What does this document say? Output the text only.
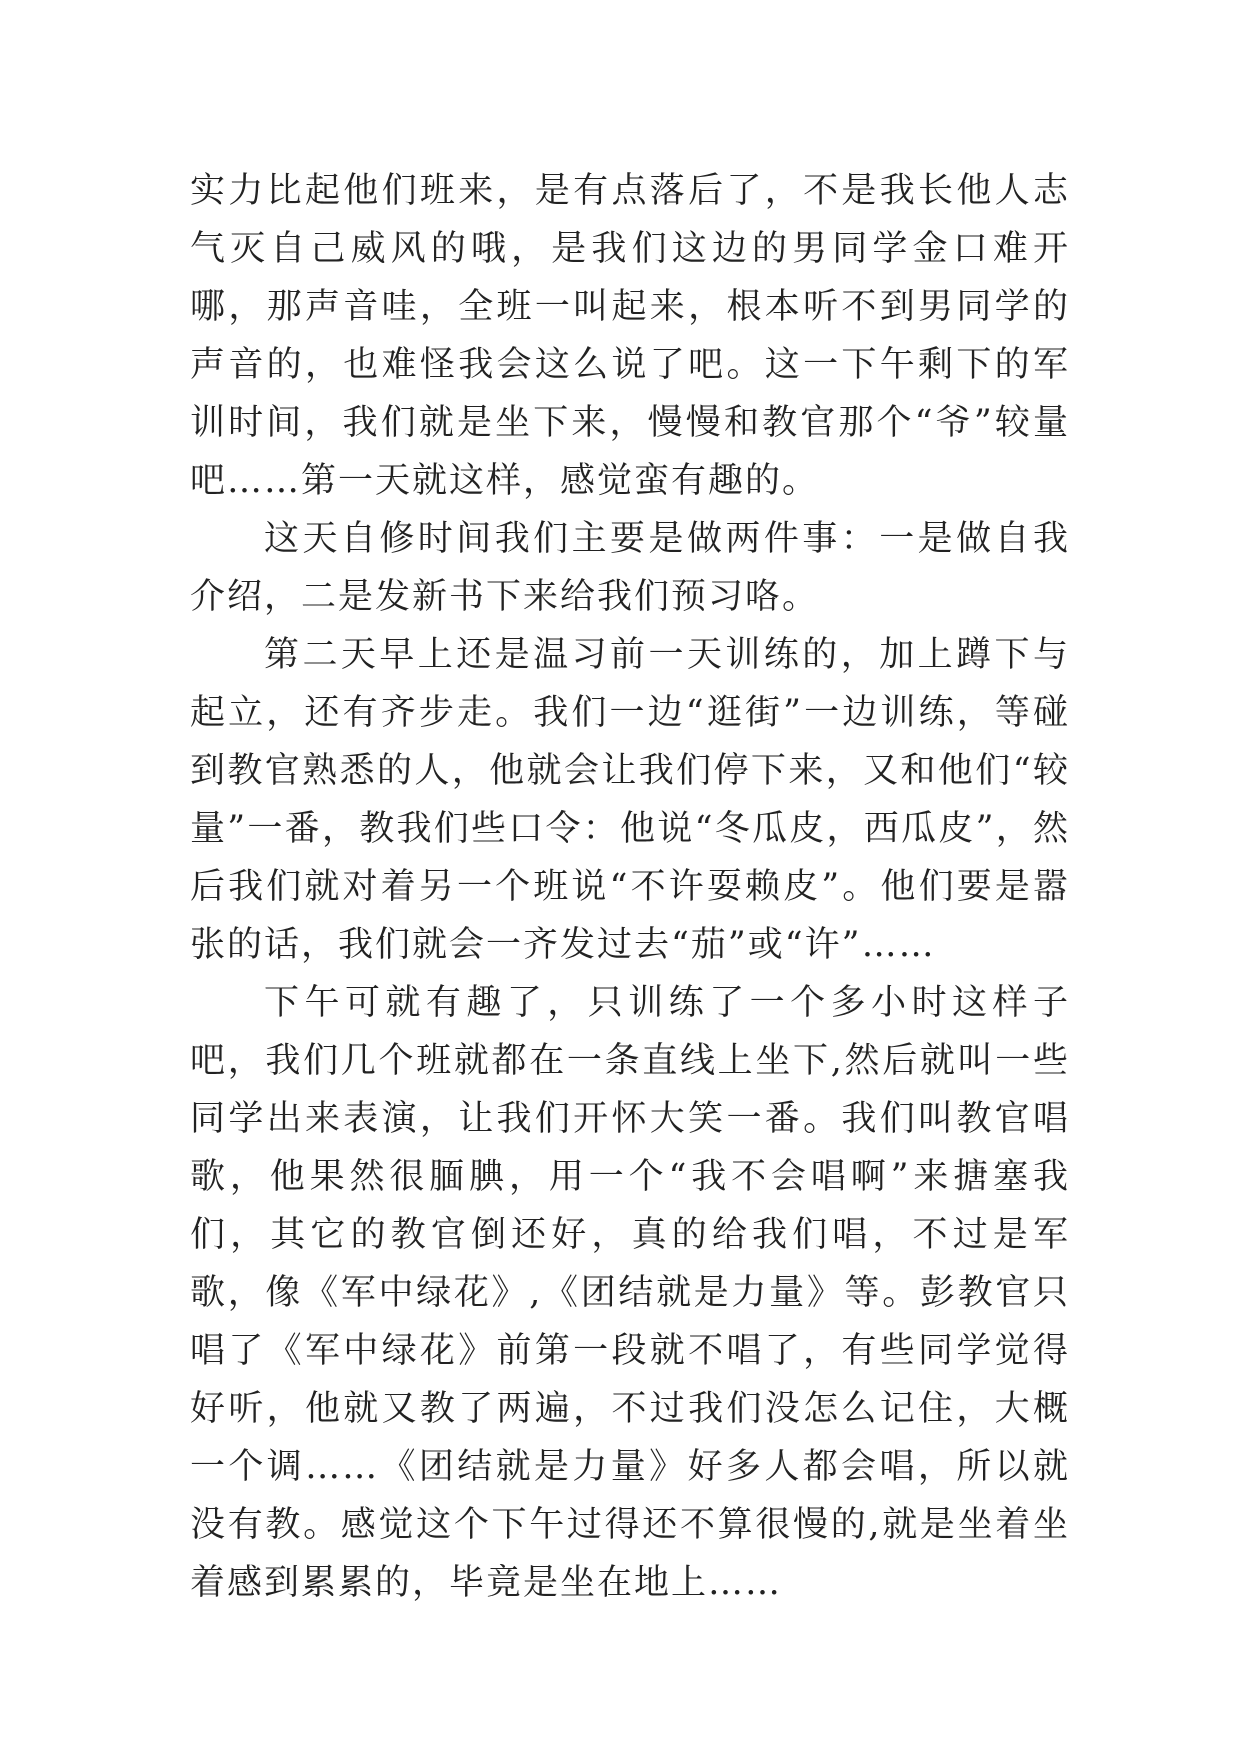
实力比起他们班来，是有点落后了，不是我长他人志气灭自己威风的哦，是我们这边的男同学金口难开哪，那声音哇，全班一叫起来，根本听不到男同学的声音的，也难怪我会这么说了吧。这一下午剩下的军训时间，我们就是坐下来，慢慢和教官那个“爷”较量吧……第一天就这样，感觉蛮有趣的。

这天自修时间我们主要是做两件事：一是做自我介绍，二是发新书下来给我们预习咯。

第二天早上还是温习前一天训练的，加上蹲下与起立，还有齐步走。我们一边“逛街”一边训练，等碰到教官熟悉的人，他就会让我们停下来，又和他们“较量”一番，教我们些口令：他说“冬瓜皮，西瓜皮”，然后我们就对着另一个班说“不许耍赖皮”。他们要是嚣张的话，我们就会一齐发过去“茄”或“许”……

下午可就有趣了，只训练了一个多小时这样子吧，我们几个班就都在一条直线上坐下,然后就叫一些同学出来表演，让我们开怀大笑一番。我们叫教官唱歌，他果然很腼腆，用一个“我不会唱啊”来搪塞我们，其它的教官倒还好，真的给我们唱，不过是军歌，像《军中绿花》,《团结就是力量》等。彭教官只唱了《军中绿花》前第一段就不唱了，有些同学觉得好听，他就又教了两遍，不过我们没怎么记住，大概一个调……《团结就是力量》好多人都会唱，所以就没有教。感觉这个下午过得还不算很慢的,就是坐着坐着感到累累的，毕竟是坐在地上……
